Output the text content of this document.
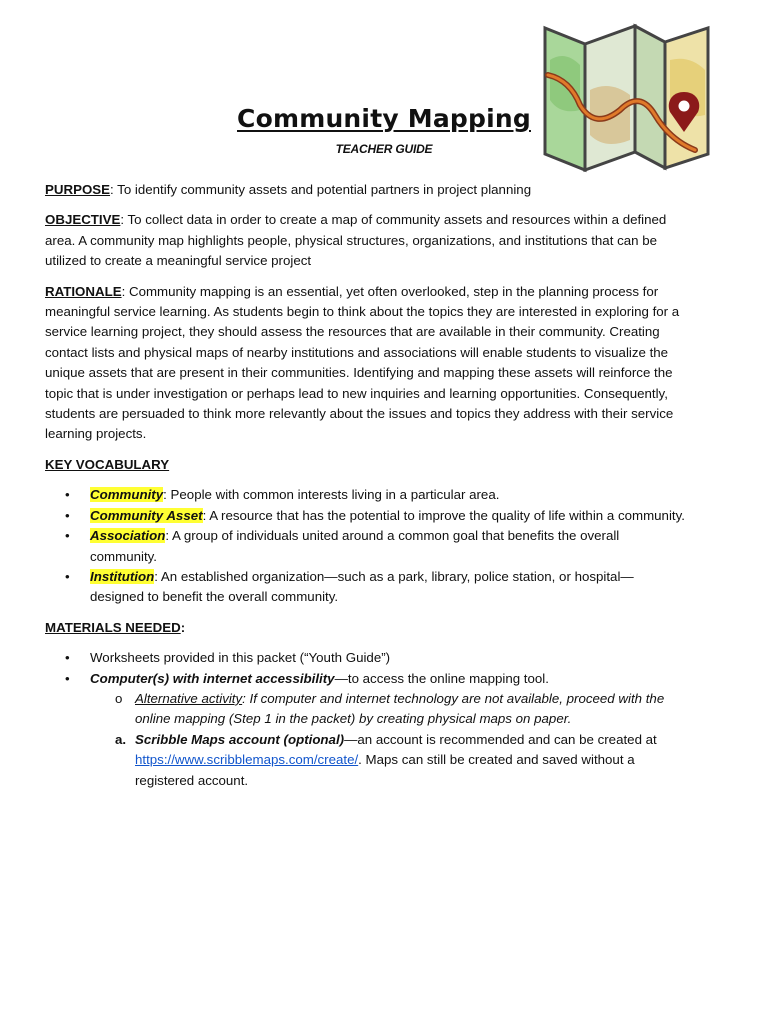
Community Mapping
TEACHER GUIDE

PURPOSE: To identify community assets and potential partners in project planning

OBJECTIVE: To collect data in order to create a map of community assets and resources within a defined area. A community map highlights people, physical structures, organizations, and institutions that can be utilized to create a meaningful service project

RATIONALE: Community mapping is an essential, yet often overlooked, step in the planning process for meaningful service learning. As students begin to think about the topics they are interested in exploring for a service learning project, they should assess the resources that are available in their community. Creating contact lists and physical maps of nearby institutions and associations will enable students to visualize the unique assets that are present in their communities. Identifying and mapping these assets will reinforce the topic that is under investigation or perhaps lead to new inquiries and learning opportunities. Consequently, students are persuaded to think more relevantly about the issues and topics they address with their service learning projects.

KEY VOCABULARY
• Community: People with common interests living in a particular area.
• Community Asset: A resource that has the potential to improve the quality of life within a community.
• Association: A group of individuals united around a common goal that benefits the overall community.
• Institution: An established organization—such as a park, library, police station, or hospital—designed to benefit the overall community.
MATERIALS NEEDED:
• Worksheets provided in this packet (“Youth Guide”)
• Computer(s) with internet accessibility—to access the online mapping tool.
o Alternative activity: If computer and internet technology are not available, proceed with the online mapping (Step 1 in the packet) by creating physical maps on paper.
a. Scribble Maps account (optional)—an account is recommended and can be created at https://www.scribblemaps.com/create/. Maps can still be created and saved without a registered account.
